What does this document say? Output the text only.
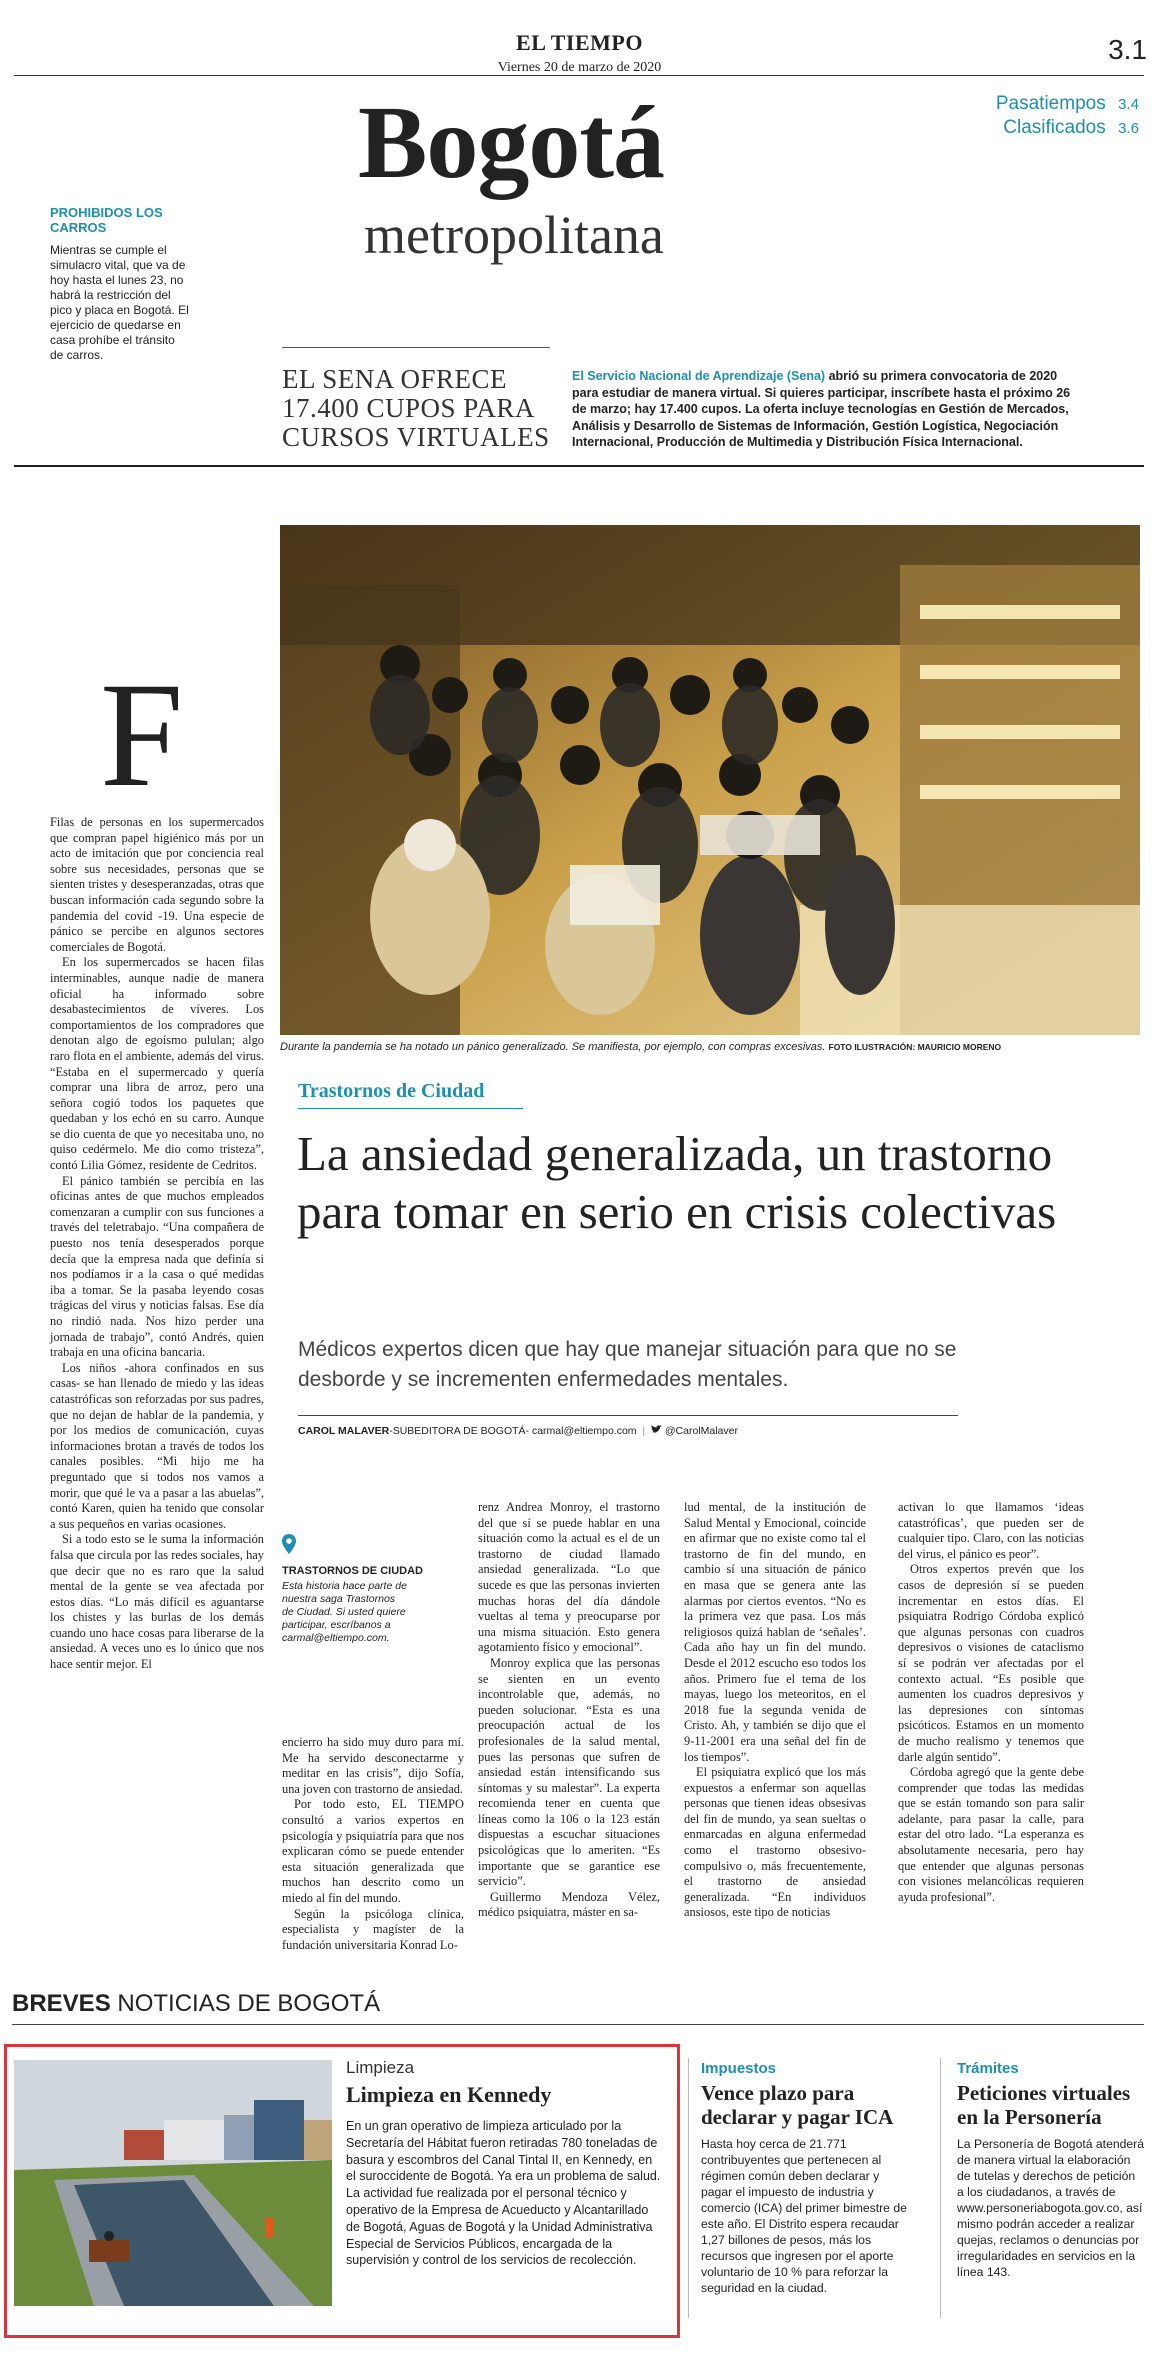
EL TIEMPO
Viernes 20 de marzo de 2020
3.1
Pasatiempos 3.4
Clasificados 3.6
Bogotá
metropolitana
PROHIBIDOS LOS CARROS
Mientras se cumple el simulacro vital, que va de hoy hasta el lunes 23, no habrá la restricción del pico y placa en Bogotá. El ejercicio de quedarse en casa prohíbe el tránsito de carros.
EL SENA OFRECE 17.400 CUPOS PARA CURSOS VIRTUALES
El Servicio Nacional de Aprendizaje (Sena) abrió su primera convocatoria de 2020 para estudiar de manera virtual. Si quieres participar, inscríbete hasta el próximo 26 de marzo; hay 17.400 cupos. La oferta incluye tecnologías en Gestión de Mercados, Análisis y Desarrollo de Sistemas de Información, Gestión Logística, Negociación Internacional, Producción de Multimedia y Distribución Física Internacional.
F

Filas de personas en los supermercados que compran papel higiénico más por un acto de imitación que por conciencia real sobre sus necesidades, personas que se sienten tristes y desesperanzadas, otras que buscan información cada segundo sobre la pandemia del covid -19. Una especie de pánico se percibe en algunos sectores comerciales de Bogotá.

En los supermercados se hacen filas interminables, aunque nadie de manera oficial ha informado sobre desabastecimientos de víveres. Los comportamientos de los compradores que denotan algo de egoísmo pululan; algo raro flota en el ambiente, además del virus. “Estaba en el supermercado y quería comprar una libra de arroz, pero una señora cogió todos los paquetes que quedaban y los echó en su carro. Aunque se dio cuenta de que yo necesitaba uno, no quiso cedérmelo. Me dio como tristeza”, contó Lilia Gómez, residente de Cedritos.

El pánico también se percibía en las oficinas antes de que muchos empleados comenzaran a cumplir con sus funciones a través del teletrabajo. “Una compañera de puesto nos tenía desesperados porque decía que la empresa nada que definía si nos podíamos ir a la casa o qué medidas iba a tomar. Se la pasaba leyendo cosas trágicas del virus y noticias falsas. Ese día no rindió nada. Nos hizo perder una jornada de trabajo”, contó Andrés, quien trabaja en una oficina bancaria.

Los niños -ahora confinados en sus casas- se han llenado de miedo y las ideas catastróficas son reforzadas por sus padres, que no dejan de hablar de la pandemia, y por los medios de comunicación, cuyas informaciones brotan a través de todos los canales posibles. “Mi hijo me ha preguntado que si todos nos vamos a morir, que qué le va a pasar a las abuelas”, contó Karen, quien ha tenido que consolar a sus pequeños en varias ocasiones.

Si a todo esto se le suma la información falsa que circula por las redes sociales, hay que decir que no es raro que la salud mental de la gente se vea afectada por estos días. “Lo más difícil es aguantarse los chistes y las burlas de los demás cuando uno hace cosas para liberarse de la ansiedad. A veces uno es lo único que nos hace sentir mejor. El

Durante la pandemia se ha notado un pánico generalizado. Se manifiesta, por ejemplo, con compras excesivas. FOTO ILUSTRACIÓN: MAURICIO MORENO
Trastornos de Ciudad
La ansiedad generalizada, un trastorno para tomar en serio en crisis colectivas
Médicos expertos dicen que hay que manejar situación para que no se desborde y se incrementen enfermedades mentales.
CAROL MALAVER-SUBEDITORA DE BOGOTÁ- carmal@eltiempo.com  |   @CarolMalaver
TRASTORNOS DE CIUDAD
Esta historia hace parte de nuestra saga Trastornos de Ciudad. Si usted quiere participar, escríbanos a carmal@eltiempo.com.

encierro ha sido muy duro para mí. Me ha servido desconectarme y meditar en las crisis”, dijo Sofía, una joven con trastorno de ansiedad.

Por todo esto, EL TIEMPO consultó a varios expertos en psicología y psiquiatría para que nos explicaran cómo se puede entender esta situación generalizada que muchos han descrito como un miedo al fin del mundo.

Según la psicóloga clínica, especialista y magíster de la fundación universitaria Konrad Lo-

renz Andrea Monroy, el trastorno del que sí se puede hablar en una situación como la actual es el de un trastorno de ciudad llamado ansiedad generalizada. “Lo que sucede es que las personas invierten muchas horas del día dándole vueltas al tema y preocuparse por una misma situación. Esto genera agotamiento físico y emocional”.

Monroy explica que las personas se sienten en un evento incontrolable que, además, no pueden solucionar. “Esta es una preocupación actual de los profesionales de la salud mental, pues las personas que sufren de ansiedad están intensificando sus síntomas y su malestar”. La experta recomienda tener en cuenta que líneas como la 106 o la 123 están dispuestas a escuchar situaciones psicológicas que lo ameriten. “Es importante que se garantice ese servicio”.

Guillermo Mendoza Vélez, médico psiquiatra, máster en sa-

lud mental, de la institución de Salud Mental y Emocional, coincide en afirmar que no existe como tal el trastorno de fin del mundo, en cambio sí una situación de pánico en masa que se genera ante las alarmas por ciertos eventos. “No es la primera vez que pasa. Los más religiosos quizá hablan de ‘señales’. Cada año hay un fin del mundo. Desde el 2012 escucho eso todos los años. Primero fue el tema de los mayas, luego los meteoritos, en el 2018 fue la segunda venida de Cristo. Ah, y también se dijo que el 9-11-2001 era una señal del fin de los tiempos”.

El psiquiatra explicó que los más expuestos a enfermar son aquellas personas que tienen ideas obsesivas del fin de mundo, ya sean sueltas o enmarcadas en alguna enfermedad como el trastorno obsesivo-compulsivo o, más frecuentemente, el trastorno de ansiedad generalizada. “En individuos ansiosos, este tipo de noticias

activan lo que llamamos ‘ideas catastróficas’, que pueden ser de cualquier tipo. Claro, con las noticias del virus, el pánico es peor”.

Otros expertos prevén que los casos de depresión sí se pueden incrementar en estos días. El psiquiatra Rodrigo Córdoba explicó que algunas personas con cuadros depresivos o visiones de cataclismo sí se podrán ver afectadas por el contexto actual. “Es posible que aumenten los cuadros depresivos y las depresiones con síntomas psicóticos. Estamos en un momento de mucho realismo y tenemos que darle algún sentido”.

Córdoba agregó que la gente debe comprender que todas las medidas que se están tomando son para salir adelante, para pasar la calle, para estar del otro lado. “La esperanza es absolutamente necesaria, pero hay que entender que algunas personas con visiones melancólicas requieren ayuda profesional”.

BREVES NOTICIAS DE BOGOTÁ
Limpieza
Limpieza en Kennedy
En un gran operativo de limpieza articulado por la Secretaría del Hábitat fueron retiradas 780 toneladas de basura y escombros del Canal Tintal II, en Kennedy, en el suroccidente de Bogotá. Ya era un problema de salud.
La actividad fue realizada por el personal técnico y operativo de la Empresa de Acueducto y Alcantarillado de Bogotá, Aguas de Bogotá y la Unidad Administrativa Especial de Servicios Públicos, encargada de la supervisión y control de los servicios de recolección.
Impuestos
Vence plazo para declarar y pagar ICA
Hasta hoy cerca de 21.771 contribuyentes que pertenecen al régimen común deben declarar y pagar el impuesto de industria y comercio (ICA) del primer bimestre de este año. El Distrito espera recaudar 1,27 billones de pesos, más los recursos que ingresen por el aporte voluntario de 10 % para reforzar la seguridad en la ciudad.
Trámites
Peticiones virtuales en la Personería
La Personería de Bogotá atenderá de manera virtual la elaboración de tutelas y derechos de petición a los ciudadanos, a través de www.personeriabogota.gov.co, así mismo podrán acceder a realizar quejas, reclamos o denuncias por irregularidades en servicios en la línea 143.
